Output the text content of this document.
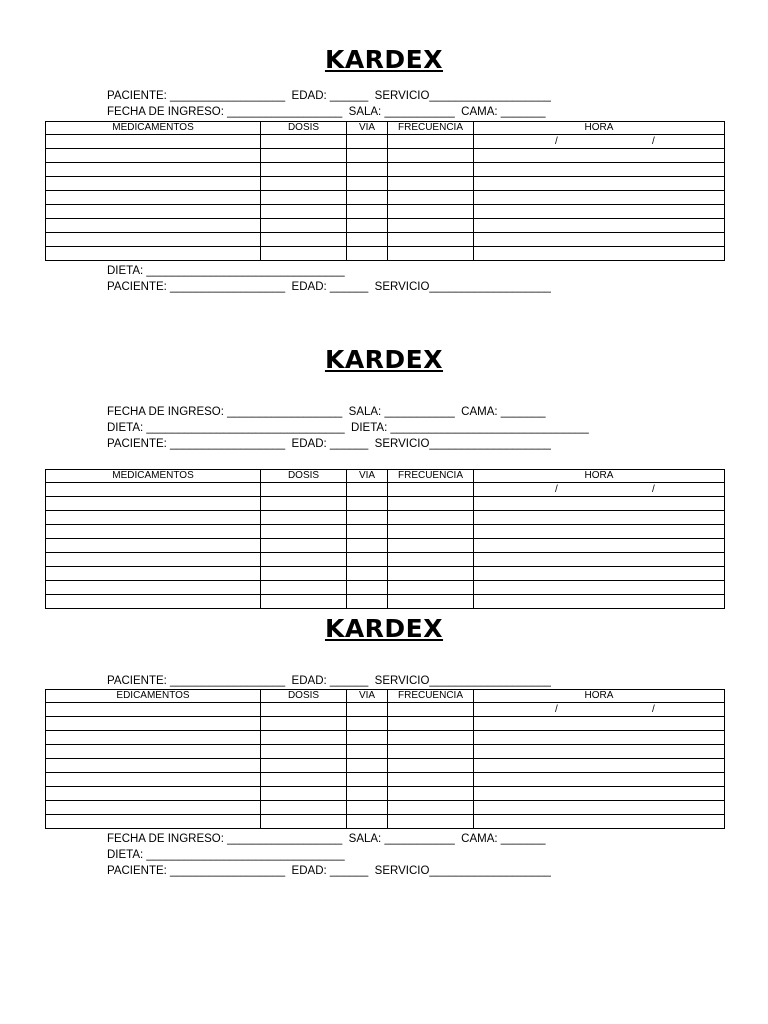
KARDEX
PACIENTE: __________________  EDAD: ______  SERVICIO___________________
FECHA DE INGRESO: __________________  SALA: ___________  CAMA: _______
MEDICAMENTOS	DOSIS	VIA	FRECUENCIA	HORA

				/ /

DIETA: _______________________________
PACIENTE: __________________  EDAD: ______  SERVICIO___________________
KARDEX
FECHA DE INGRESO: __________________  SALA: ___________  CAMA: _______
DIETA: _______________________________  DIETA: _______________________________
PACIENTE: __________________  EDAD: ______  SERVICIO___________________
MEDICAMENTOS	DOSIS	VIA	FRECUENCIA	HORA

				/ /

KARDEX
PACIENTE: __________________  EDAD: ______  SERVICIO___________________
EDICAMENTOS	DOSIS	VIA	FRECUENCIA	HORA

				/ /

FECHA DE INGRESO: __________________  SALA: ___________  CAMA: _______
DIETA: _______________________________
PACIENTE: __________________  EDAD: ______  SERVICIO___________________
